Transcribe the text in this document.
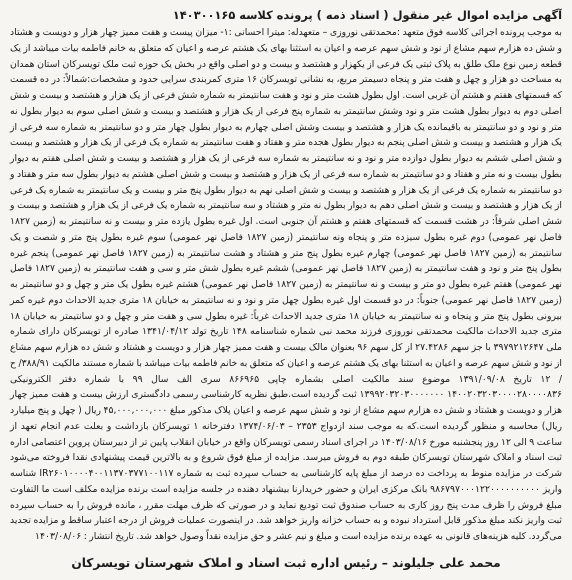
آگهی مزایده اموال غیر منقول ( اسناد ذمه ) پرونده کلاسه ۱۴۰۳۰۰۱۶۵

به موجب پرونده اجرائی کلاسه فوق متعهد :محمدتقی نوروزی – متعهدله: میترا احسانی :۱- میزان پیست و هفت ممیز چهار هزار و دویست و هشتاد و شش ده هزارم سهم مشاع از نود و شش سهم عرصه و اعیان به استثنا بهای یک هشتم عرصه و اعیان که متعلق به خانم فاطمه بیات میباشد از یک قطعه زمین نوع ملک طلق به پلاک ثبتی یک فرعی از یکهزار و هشتصد و بیست و دو اصلی واقع در بخش یک حوزه ثبت ملک تویسرکان استان همدان به مساحت دو هزار و چهل و هفت متر و پنجاه دسیمتر مربع، به نشانی تویسرکان ۱۶ متری کمربندی سرایی حدود و مشخصات:شمالاً: در ده قسمت که قسمتهای هفتم و هشتم آن غربی است. اول بطول هشت متر و نود و هفت سانتیمتر به شماره شش فرعی از یک هزار و هشتصد و بیست و شش اصلی دوم به دیوار بطول هشت متر و نود وشش سانتیمتر به شماره پنج فرعی از یک هزار و هشتصد و بیست و شش اصلی سوم به دیوار بطول نه متر و نود و دو سانتیمتر به باقیمانده یک هزار و هشتصد و بیست وشش اصلی چهارم به دیوار بطول چهار متر و دو سانتیمتر به شماره سه فرعی از یک هزار و هشتصد و بیست و شش اصلی پنجم به دیوار بطول هجده متر و هفتاد و هفت سانتیمتر به شماره یک فرعی از یک هزار و هشتصد و بیست و شش اصلی ششم به دیوار بطول دوازده متر و نود و نه سانتیمتر به شماره سه فرعی از یک هزار و هشتصد و بیست و شش اصلی هفتم به دیوار بطول بیست و نه متر و هفتاد و دو سانتیمتر به شماره سه فرعی از یک هزار و هشتصد و بیست و شش اصلی هشتم به دیوار بطول سه متر و هفتاد و دو سانتیمتر به شماره یک فرعی از یک هزار و هشتصد و بیست و شش اصلی نهم به دیوار بطول پنج متر و بیست و یک سانتیمتر به شماره یک فرعی از یک هزار و هشتصد و بیست و شش اصلی دهم به دیوار بطول نه متر و هشتاد و سه سانتیمتر به شماره یک فرعی از یک هزار و هشتصد و بیست و شش اصلی شرقاً: در هشت قسمت که قسمتهای هفتم و هشتم آن جنوبی است. اول غیره بطول یازده متر و بیست و نه سانتیمتر به (زمین ۱۸۲۷ فاصل نهر عمومی) دوم غیره بطول سیزده متر و پنجاه ونه سانتیمتر (زمین ۱۸۲۷ فاصل نهر عمومی) سوم غیره بطول پنج متر و شصت و یک سانتیمتر به (زمین ۱۸۲۷ فاصل نهر عمومی) چهارم غیره بطول پنج متر و هشتاد و هشت سانتیمتر به (زمین ۱۸۲۷ فاصل نهر عمومی) پنجم غیره بطول پنج متر و نود و هفت سانتیمتر به (زمین ۱۸۲۷ فاصل نهر عمومی) ششم غیره بطول شش متر و سی و هفت سانتیمتر به (زمین ۱۸۲۷ فاصل نهر عمومی) هفتم غیره بطول دو متر و بیست و نه سانتیمتر به (زمین ۱۸۲۷ فاصل نهر عمومی) هشتم غیره بطول یک متر و چهل و دو سانتیمتر به (زمین ۱۸۲۷ فاصل نهر عمومی) جنوباً: در دو قسمت اول غیره بطول چهل متر و نود و نه سانتیمتر به خیابان ۱۸ متری جدید الاحداث دوم غیره کمر بیرونی بطول پنج متر و پنجاه و نه سانتیمتر به خیابان ۱۸ متری جدید الاحداث غرباً: غیره بطول سی و هفت متر و چهل و دو سانتیمتر به خیابان ۱۸ متری جدید الاحداث مالکیت محمدتقی نوروزی فرزند محمد نبی شماره شناسنامه ۱۴۸ تاریخ تولد ۱۳۴۱/۰۴/۱۲ صادره از تویسرکان دارای شماره ملی ۳۹۷۹۲۱۲۶۴۷ با جز سهم ۲۷.۴۲۸۶ از کل سهم ۹۶ بعنوان مالک بیست و هفت ممیز چهار هزار و دویست و هشتاد و شش ده هزارم سهم مشاع از نود و شش سهم عرصه و اعیان به استثنا بهای یک هشتم عرصه و اعیان که متعلق به خانم فاطمه بیات میباشد با شماره مستند مالکیت ۳۸۸/۹۱/ ح / ۱۲ تاریخ ۱۳۹۱/۰۹/۰۸ موضوع سند مالکیت اصلی بشماره چاپی ۸۶۶۹۶۵ سری الف سال ۹۹ با شماره دفتر الکترونیکی ۱۴۰۰۲۰۳۲۰۳۰۰۰۰۲۸۰۰۰۰۸۳۶ ۱۳۹۹۲۰۳۲۰۳۰۰۰۰۰۰۰ ثبت گردیده است.طبق نظریه کارشناسی رسمی دادگستری ارزش بیست و هفت ممیز چهار هزار و دویست و هشتاد و شش ده هزارم سهم مشاع از نود و شش سهم عرصه و اعیان پلاک مذکور مبلغ ۴۵,۰۰۰,۰۰۰,۰۰۰ ریال ( چهل و پنج میلیارد ریال) محاسبه و منظور گردیده است.که به موجب سند ازدواج ۲۳۵۳ – ۱۳۷۴/۰۶/۰۳ دفترخانه ۱ تویسرکان بازداشت و بعلت عدم انجام تعهد از ساعت ۹ الی ۱۲ روز پنجشنبه مورخ ۱۴۰۳/۰۸/۱۶ در اجرای اسناد رسمی تویسرکان واقع در خیابان انقلاب پایین تر از دبیرستان پروین اعتصامی اداره ثبت اسناد و املاک شهرستان تویسرکان طبقه دوم به فروش میرسد. مزایده از مبلغ فوق شروع و به بالاترین قیمت پیشنهادی نقدا فروخته می‌شود شرکت در مزایده منوط به پرداخت ده درصد از مبلغ پایه کارشناسی به حساب سپرده ثبت به شماره IR۲۶۰۱۰۰۰۰۴۰۰۱۱۳۷۰۳۷۷۱۰۰۱۱۷ شناسه واریز ۹۸۶۷۹۷۰۰۰۱۲۲۰۰۰۰۰۰۰۰۰۰ بانک مرکزی ایران و حضور خریدارنا بیشنهاد دهنده در جلسه مزایده است برنده مزایده مکلف است ما التفاوت مبلغ فروش را ظرف مدت پنج روز کاری به حساب صندوق ثبت تودیع نماید و در صورتی که ظرف مهلت مقرر ، مانده فروش را به حساب سپرده ثبت واریز نکند مبلغ مذکور قابل استرداد نبوده و به حساب خزانه واریز خواهد شد. در اینصورت عملیات فروش از درجه اعتبار ساقط و مزایده تجدید می‌گردد. کلیه هزینه‌های قانونی به عهده برنده مزایده است و مبلغ و نیم عشر و حق مزایده نقداً وصول خواهد شد. تاریخ انتشار : ۱۴۰۳/۰۸/۰۶

محمد علی جلیلوند – رئیس اداره ثبت اسناد و املاک شهرستان تویسرکان
